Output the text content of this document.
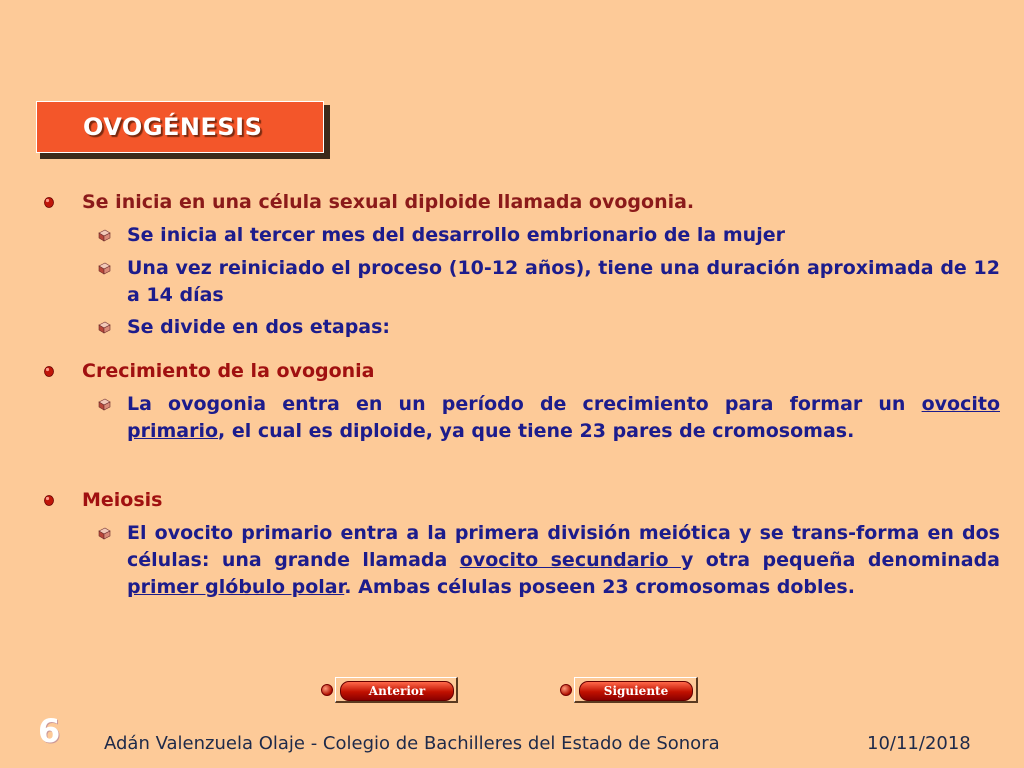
OVOGÉNESIS
Se inicia en una célula sexual diploide llamada ovogonia.
Se inicia al tercer mes del desarrollo embrionario de la mujer
Una vez reiniciado el proceso (10-12 años), tiene una duración aproximada de 12 a 14 días
Se divide en dos etapas:
Crecimiento de la ovogonia
La ovogonia entra en un período de crecimiento para formar un ovocito primario, el cual es diploide, ya que tiene 23 pares de cromosomas.
Meiosis
El ovocito primario entra a la primera división meiótica y se trans-forma en dos células: una grande llamada ovocito secundario y otra pequeña denominada primer glóbulo polar. Ambas células poseen 23 cromosomas dobles.
Anterior	Siguiente
6 Adán Valenzuela Olaje - Colegio de Bachilleres del Estado de Sonora	10/11/2018
